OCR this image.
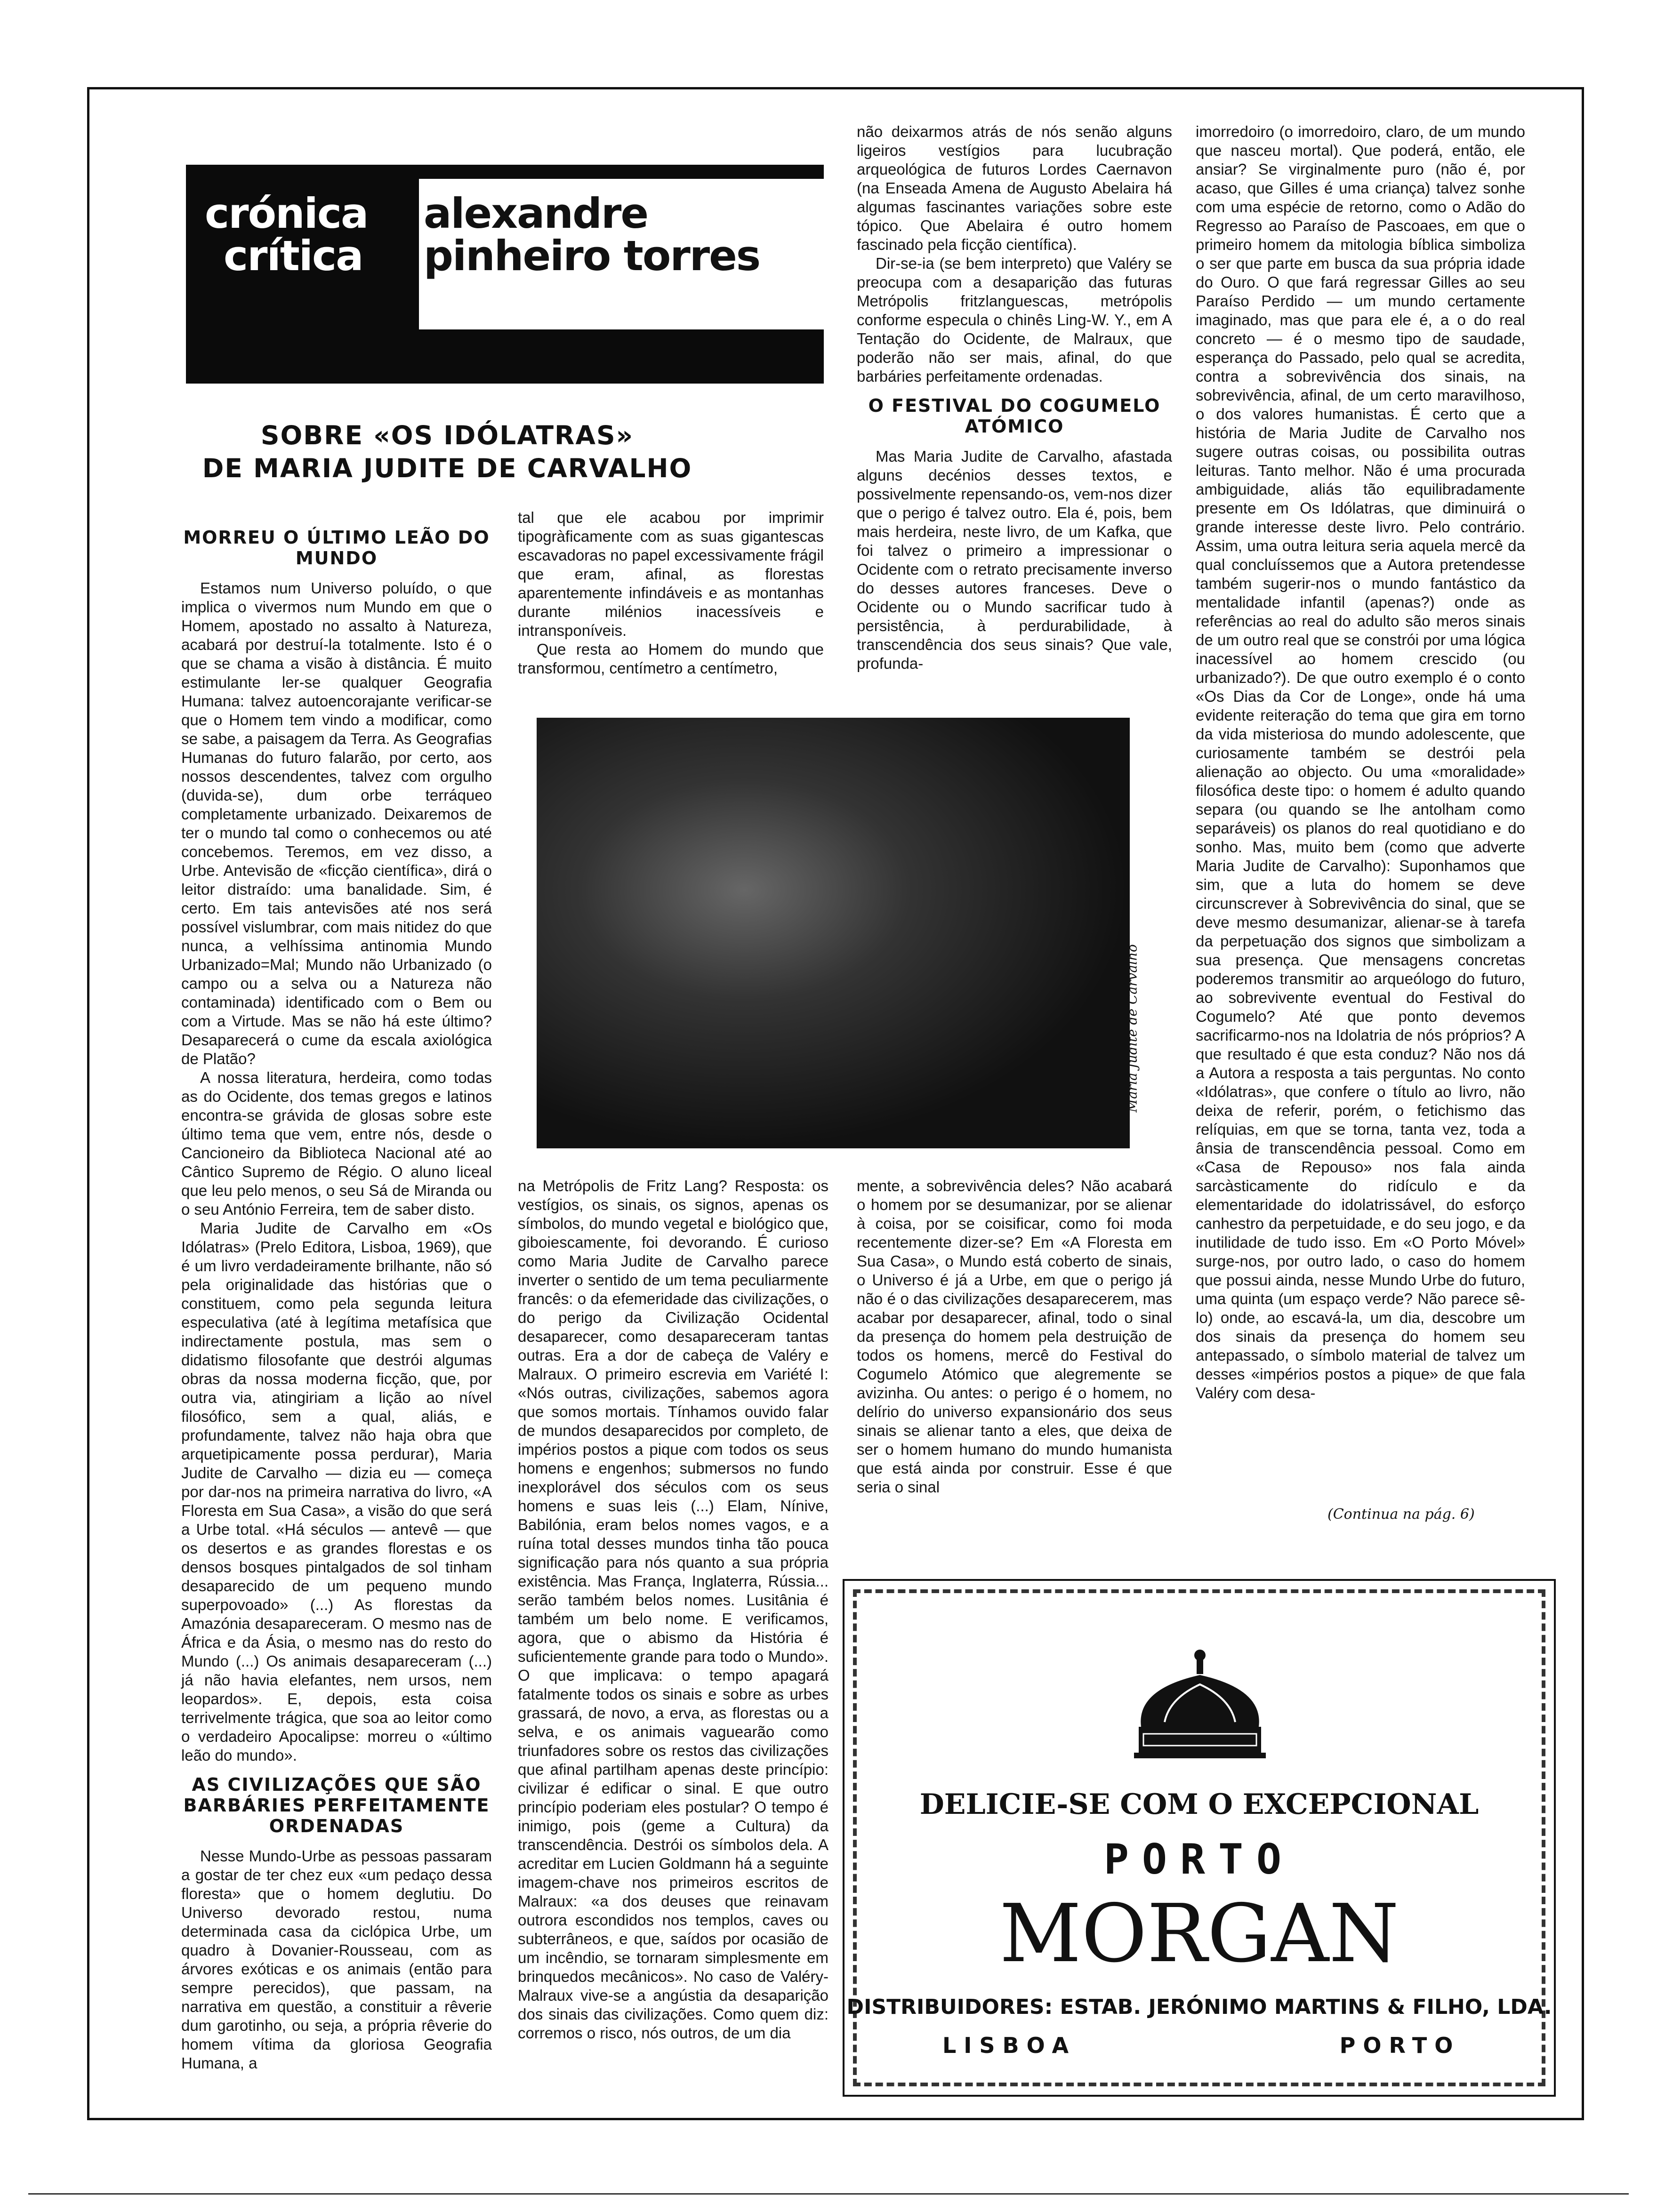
crónica
crítica
alexandre
pinheiro torres
SOBRE «OS IDÓLATRAS»
DE MARIA JUDITE DE CARVALHO
MORREU O ÚLTIMO LEÃO DO MUNDO

Estamos num Universo poluído, o que implica o vivermos num Mundo em que o Homem, apostado no assalto à Natureza, acabará por destruí-la totalmente. Isto é o que se chama a visão à distância. É muito estimulante ler-se qualquer Geografia Humana: talvez autoencorajante verificar-se que o Homem tem vindo a modificar, como se sabe, a paisagem da Terra. As Geografias Humanas do futuro falarão, por certo, aos nossos descendentes, talvez com orgulho (duvida-se), dum orbe terráqueo completamente urbanizado. Deixaremos de ter o mundo tal como o conhecemos ou até concebemos. Teremos, em vez disso, a Urbe. Antevisão de «ficção científica», dirá o leitor distraído: uma banalidade. Sim, é certo. Em tais antevisões até nos será possível vislumbrar, com mais nitidez do que nunca, a velhíssima antinomia Mundo Urbanizado=Mal; Mundo não Urbanizado (o campo ou a selva ou a Natureza não contaminada) identificado com o Bem ou com a Virtude. Mas se não há este último? Desaparecerá o cume da escala axiológica de Platão?

A nossa literatura, herdeira, como todas as do Ocidente, dos temas gregos e latinos encontra-se grávida de glosas sobre este último tema que vem, entre nós, desde o Cancioneiro da Biblioteca Nacional até ao Cântico Supremo de Régio. O aluno liceal que leu pelo menos, o seu Sá de Miranda ou o seu António Ferreira, tem de saber disto.

Maria Judite de Carvalho em «Os Idólatras» (Prelo Editora, Lisboa, 1969), que é um livro verdadeiramente brilhante, não só pela originalidade das histórias que o constituem, como pela segunda leitura especulativa (até à legítima metafísica que indirectamente postula, mas sem o didatismo filosofante que destrói algumas obras da nossa moderna ficção, que, por outra via, atingiriam a lição ao nível filosófico, sem a qual, aliás, e profundamente, talvez não haja obra que arquetipicamente possa perdurar), Maria Judite de Carvalho — dizia eu — começa por dar-nos na primeira narrativa do livro, «A Floresta em Sua Casa», a visão do que será a Urbe total. «Há séculos — antevê — que os desertos e as grandes florestas e os densos bosques pintalgados de sol tinham desaparecido de um pequeno mundo superpovoado» (...) As florestas da Amazónia desapareceram. O mesmo nas de África e da Ásia, o mesmo nas do resto do Mundo (...) Os animais desapareceram (...) já não havia elefantes, nem ursos, nem leopardos». E, depois, esta coisa terrivelmente trágica, que soa ao leitor como o verdadeiro Apocalipse: morreu o «último leão do mundo».

AS CIVILIZAÇÕES QUE SÃO BARBÁRIES PERFEITAMENTE ORDENADAS

Nesse Mundo-Urbe as pessoas passaram a gostar de ter chez eux «um pedaço dessa floresta» que o homem deglutiu. Do Universo devorado restou, numa determinada casa da ciclópica Urbe, um quadro à Dovanier-Rousseau, com as árvores exóticas e os animais (então para sempre perecidos), que passam, na narrativa em questão, a constituir a rêverie dum garotinho, ou seja, a própria rêverie do homem vítima da gloriosa Geografia Humana, a

tal que ele acabou por imprimir tipogràficamente com as suas gigantescas escavadoras no papel excessivamente frágil que eram, afinal, as florestas aparentemente infindáveis e as montanhas durante milénios inacessíveis e intransponíveis.

Que resta ao Homem do mundo que transformou, centímetro a centímetro,

não deixarmos atrás de nós senão alguns ligeiros vestígios para lucubração arqueológica de futuros Lordes Caernavon (na Enseada Amena de Augusto Abelaira há algumas fascinantes variações sobre este tópico. Que Abelaira é outro homem fascinado pela ficção científica).

Dir-se-ia (se bem interpreto) que Valéry se preocupa com a desaparição das futuras Metrópolis fritzlanguescas, metrópolis conforme especula o chinês Ling-W. Y., em A Tentação do Ocidente, de Malraux, que poderão não ser mais, afinal, do que barbáries perfeitamente ordenadas.

O FESTIVAL DO COGUMELO ATÓMICO

Mas Maria Judite de Carvalho, afastada alguns decénios desses textos, e possivelmente repensando-os, vem-nos dizer que o perigo é talvez outro. Ela é, pois, bem mais herdeira, neste livro, de um Kafka, que foi talvez o primeiro a impressionar o Ocidente com o retrato precisamente inverso do desses autores franceses. Deve o Ocidente ou o Mundo sacrificar tudo à persistência, à perdurabilidade, à transcendência dos seus sinais? Que vale, profunda-

Maria Judite de Carvalho

na Metrópolis de Fritz Lang? Resposta: os vestígios, os sinais, os signos, apenas os símbolos, do mundo vegetal e biológico que, giboiescamente, foi devorando. É curioso como Maria Judite de Carvalho parece inverter o sentido de um tema peculiarmente francês: o da efemeridade das civilizações, o do perigo da Civilização Ocidental desaparecer, como desapareceram tantas outras. Era a dor de cabeça de Valéry e Malraux. O primeiro escrevia em Variété I: «Nós outras, civilizações, sabemos agora que somos mortais. Tínhamos ouvido falar de mundos desaparecidos por completo, de impérios postos a pique com todos os seus homens e engenhos; submersos no fundo inexplorável dos séculos com os seus homens e suas leis (...) Elam, Nínive, Babilónia, eram belos nomes vagos, e a ruína total desses mundos tinha tão pouca significação para nós quanto a sua própria existência. Mas França, Inglaterra, Rússia... serão também belos nomes. Lusitânia é também um belo nome. E verificamos, agora, que o abismo da História é suficientemente grande para todo o Mundo». O que implicava: o tempo apagará fatalmente todos os sinais e sobre as urbes grassará, de novo, a erva, as florestas ou a selva, e os animais vaguearão como triunfadores sobre os restos das civilizações que afinal partilham apenas deste princípio: civilizar é edificar o sinal. E que outro princípio poderiam eles postular? O tempo é inimigo, pois (geme a Cultura) da transcendência. Destrói os símbolos dela. A acreditar em Lucien Goldmann há a seguinte imagem-chave nos primeiros escritos de Malraux: «a dos deuses que reinavam outrora escondidos nos templos, caves ou subterrâneos, e que, saídos por ocasião de um incêndio, se tornaram simplesmente em brinquedos mecânicos». No caso de Valéry-Malraux vive-se a angústia da desaparição dos sinais das civilizações. Como quem diz: corremos o risco, nós outros, de um dia

mente, a sobrevivência deles? Não acabará o homem por se desumanizar, por se alienar à coisa, por se coisificar, como foi moda recentemente dizer-se? Em «A Floresta em Sua Casa», o Mundo está coberto de sinais, o Universo é já a Urbe, em que o perigo já não é o das civilizações desaparecerem, mas acabar por desaparecer, afinal, todo o sinal da presença do homem pela destruição de todos os homens, mercê do Festival do Cogumelo Atómico que alegremente se avizinha. Ou antes: o perigo é o homem, no delírio do universo expansionário dos seus sinais se alienar tanto a eles, que deixa de ser o homem humano do mundo humanista que está ainda por construir. Esse é que seria o sinal

imorredoiro (o imorredoiro, claro, de um mundo que nasceu mortal). Que poderá, então, ele ansiar? Se virginalmente puro (não é, por acaso, que Gilles é uma criança) talvez sonhe com uma espécie de retorno, como o Adão do Regresso ao Paraíso de Pascoaes, em que o primeiro homem da mitologia bíblica simboliza o ser que parte em busca da sua própria idade do Ouro. O que fará regressar Gilles ao seu Paraíso Perdido — um mundo certamente imaginado, mas que para ele é, a o do real concreto — é o mesmo tipo de saudade, esperança do Passado, pelo qual se acredita, contra a sobrevivência dos sinais, na sobrevivência, afinal, de um certo maravilhoso, o dos valores humanistas. É certo que a história de Maria Judite de Carvalho nos sugere outras coisas, ou possibilita outras leituras. Tanto melhor. Não é uma procurada ambiguidade, aliás tão equilibradamente presente em Os Idólatras, que diminuirá o grande interesse deste livro. Pelo contrário. Assim, uma outra leitura seria aquela mercê da qual concluíssemos que a Autora pretendesse também sugerir-nos o mundo fantástico da mentalidade infantil (apenas?) onde as referências ao real do adulto são meros sinais de um outro real que se constrói por uma lógica inacessível ao homem crescido (ou urbanizado?). De que outro exemplo é o conto «Os Dias da Cor de Longe», onde há uma evidente reiteração do tema que gira em torno da vida misteriosa do mundo adolescente, que curiosamente também se destrói pela alienação ao objecto. Ou uma «moralidade» filosófica deste tipo: o homem é adulto quando separa (ou quando se lhe antolham como separáveis) os planos do real quotidiano e do sonho. Mas, muito bem (como que adverte Maria Judite de Carvalho): Suponhamos que sim, que a luta do homem se deve circunscrever à Sobrevivência do sinal, que se deve mesmo desumanizar, alienar-se à tarefa da perpetuação dos signos que simbolizam a sua presença. Que mensagens concretas poderemos transmitir ao arqueólogo do futuro, ao sobrevivente eventual do Festival do Cogumelo? Até que ponto devemos sacrificarmo-nos na Idolatria de nós próprios? A que resultado é que esta conduz? Não nos dá a Autora a resposta a tais perguntas. No conto «Idólatras», que confere o título ao livro, não deixa de referir, porém, o fetichismo das relíquias, em que se torna, tanta vez, toda a ânsia de transcendência pessoal. Como em «Casa de Repouso» nos fala ainda sarcàsticamente do ridículo e da elementaridade do idolatrissável, do esforço canhestro da perpetuidade, e do seu jogo, e da inutilidade de tudo isso. Em «O Porto Móvel» surge-nos, por outro lado, o caso do homem que possui ainda, nesse Mundo Urbe do futuro, uma quinta (um espaço verde? Não parece sê-lo) onde, ao escavá-la, um dia, descobre um dos sinais da presença do homem seu antepassado, o símbolo material de talvez um desses «impérios postos a pique» de que fala Valéry com desa-

(Continua na pág. 6)
DELICIE-SE COM O EXCEPCIONAL
PORTO
MORGAN
DISTRIBUIDORES: ESTAB. JERÓNIMO MARTINS & FILHO, LDA.
LISBOA	PORTO
